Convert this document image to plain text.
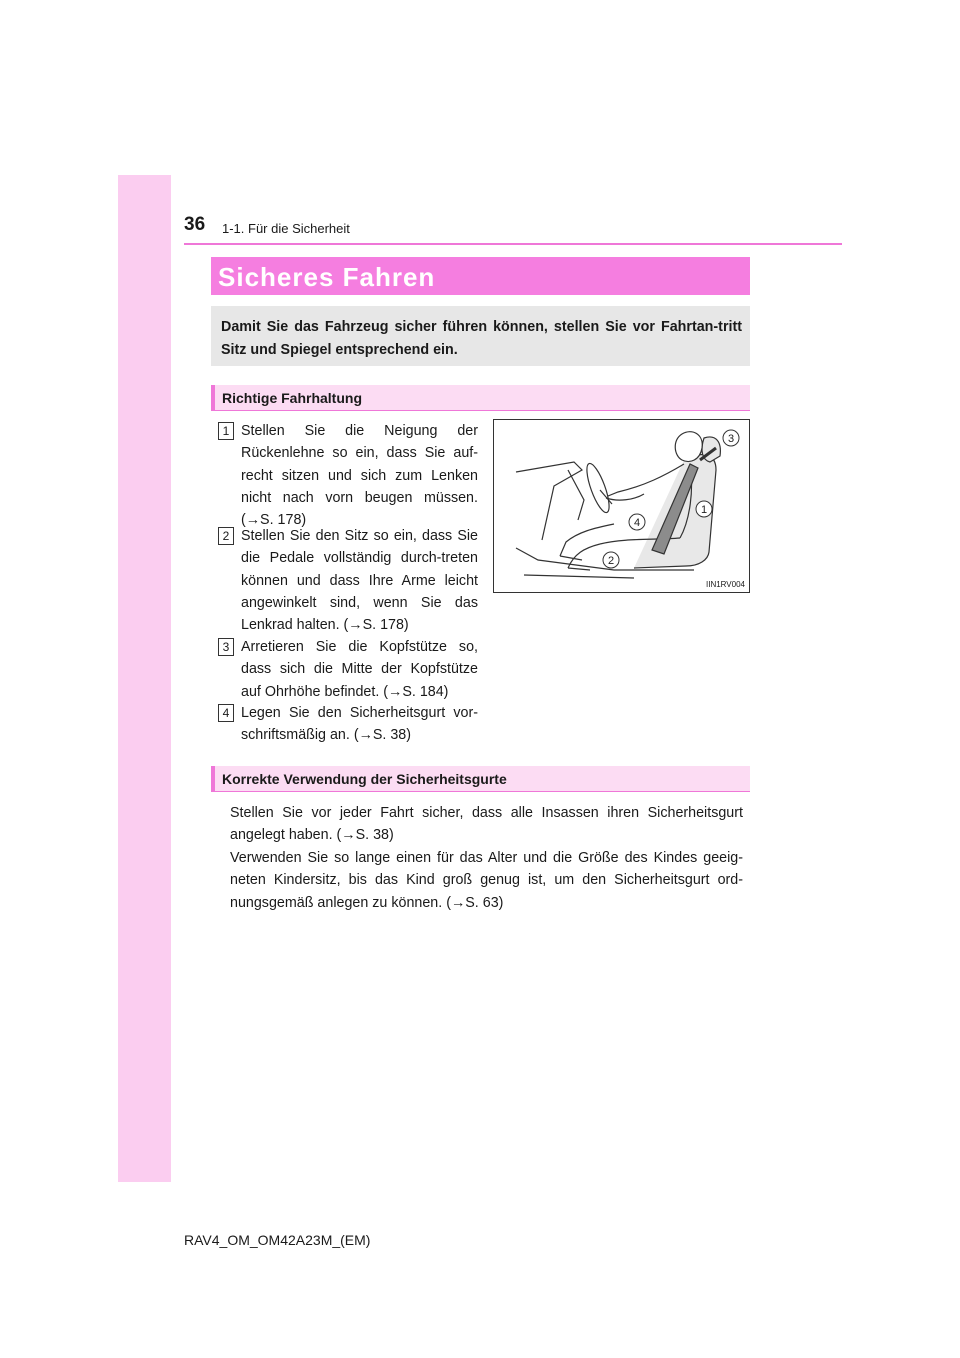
36 1-1. Für die Sicherheit
Sicheres Fahren
Damit Sie das Fahrzeug sicher führen können, stellen Sie vor Fahrtan-tritt Sitz und Spiegel entsprechend ein.
Richtige Fahrhaltung
1 Stellen Sie die Neigung der Rückenlehne so ein, dass Sie auf-recht sitzen und sich zum Lenken nicht nach vorn beugen müssen. (→S. 178)
2 Stellen Sie den Sitz so ein, dass Sie die Pedale vollständig durch-treten können und dass Ihre Arme leicht angewinkelt sind, wenn Sie das Lenkrad halten. (→S. 178)
3 Arretieren Sie die Kopfstütze so, dass sich die Mitte der Kopfstütze auf Ohrhöhe befindet. (→S. 184)
4 Legen Sie den Sicherheitsgurt vor-schriftsmäßig an. (→S. 38)
1
2
3
4
IIN1RV004
Korrekte Verwendung der Sicherheitsgurte
Stellen Sie vor jeder Fahrt sicher, dass alle Insassen ihren Sicherheitsgurt angelegt haben. (→S. 38)
Verwenden Sie so lange einen für das Alter und die Größe des Kindes geeig-neten Kindersitz, bis das Kind groß genug ist, um den Sicherheitsgurt ord-nungsgemäß anlegen zu können. (→S. 63)
RAV4_OM_OM42A23M_(EM)
